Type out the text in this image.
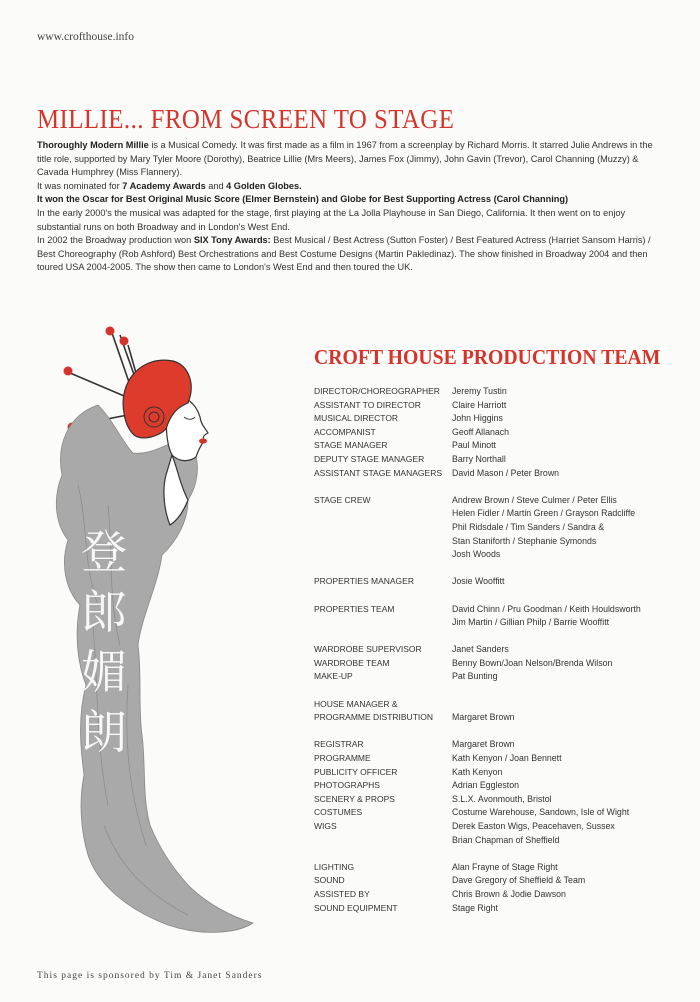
www.crofthouse.info
MILLIE... FROM SCREEN TO STAGE

Thoroughly Modern Millie is a Musical Comedy. It was first made as a film in 1967 from a screenplay by Richard Morris. It starred Julie Andrews in the title role, supported by Mary Tyler Moore (Dorothy), Beatrice Lillie (Mrs Meers), James Fox (Jimmy), John Gavin (Trevor), Carol Channing (Muzzy) & Cavada Humphrey (Miss Flannery).

It was nominated for 7 Academy Awards and 4 Golden Globes.

It won the Oscar for Best Original Music Score (Elmer Bernstein) and Globe for Best Supporting Actress (Carol Channing)

In the early 2000's the musical was adapted for the stage, first playing at the La Jolla Playhouse in San Diego, California. It then went on to enjoy substantial runs on both Broadway and in London's West End.

In 2002 the Broadway production won SIX Tony Awards: Best Musical / Best Actress (Sutton Foster) / Best Featured Actress (Harriet Sansom Harris) / Best Choreography (Rob Ashford) Best Orchestrations and Best Costume Designs (Martin Pakledinaz). The show finished in Broadway 2004 and then toured USA 2004-2005. The show then came to London's West End and then toured the UK.

登
郎
媚
朗
CROFT HOUSE PRODUCTION TEAM
DIRECTOR/CHOREOGRAPHER	Jeremy Tustin
ASSISTANT TO DIRECTOR	Claire Harriott
MUSICAL DIRECTOR	John Higgins
ACCOMPANIST	Geoff Allanach
STAGE MANAGER	Paul Minott
DEPUTY STAGE MANAGER	Barry Northall
ASSISTANT STAGE MANAGERS	David Mason / Peter Brown
STAGE CREW	Andrew Brown / Steve Culmer / Peter Ellis
Helen Fidler / Martin Green / Grayson Radcliffe
Phil Ridsdale / Tim Sanders / Sandra &
Stan Staniforth / Stephanie Symonds
Josh Woods
PROPERTIES MANAGER	Josie Wooffitt
PROPERTIES TEAM	David Chinn / Pru Goodman / Keith Houldsworth
Jim Martin / Gillian Philp / Barrie Wooffitt
WARDROBE SUPERVISOR	Janet Sanders
WARDROBE TEAM	Benny Bown/Joan Nelson/Brenda Wilson
MAKE-UP	Pat Bunting
HOUSE MANAGER &
PROGRAMME DISTRIBUTION	Margaret Brown
REGISTRAR	Margaret Brown
PROGRAMME	Kath Kenyon / Joan Bennett
PUBLICITY OFFICER	Kath Kenyon
PHOTOGRAPHS	Adrian Eggleston
SCENERY & PROPS	S.L.X. Avonmouth, Bristol
COSTUMES	Costume Warehouse, Sandown, Isle of Wight
WIGS	Derek Easton Wigs, Peacehaven, Sussex
Brian Chapman of Sheffield
LIGHTING	Alan Frayne of Stage Right
SOUND	Dave Gregory of Sheffield & Team
ASSISTED BY	Chris Brown & Jodie Dawson
SOUND EQUIPMENT	Stage Right
This page is sponsored by Tim & Janet Sanders
